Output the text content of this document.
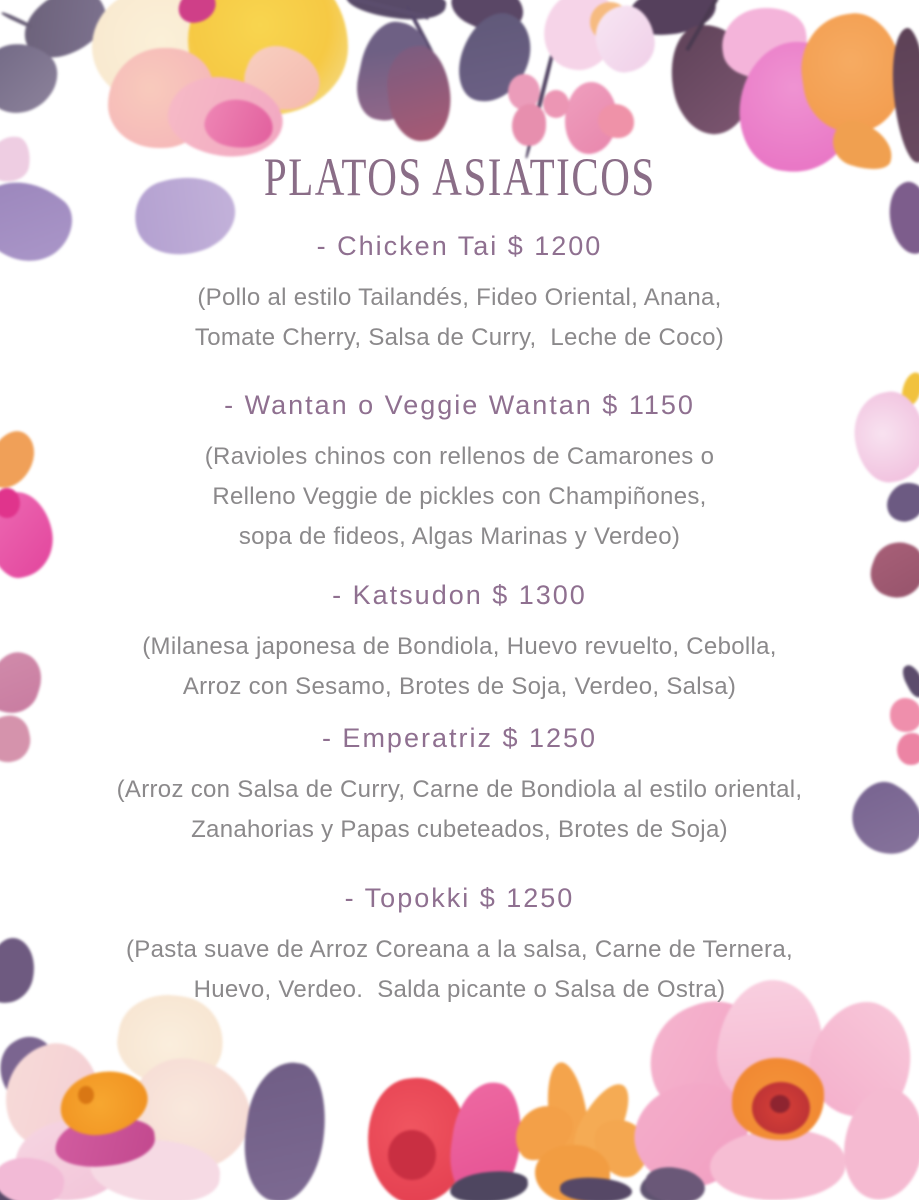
PLATOS ASIATICOS
- Chicken Tai $ 1200
(Pollo al estilo Tailandés, Fideo Oriental, Anana,
Tomate Cherry, Salsa de Curry,  Leche de Coco)
- Wantan o Veggie Wantan $ 1150
(Ravioles chinos con rellenos de Camarones o
Relleno Veggie de pickles con Champiñones,
sopa de fideos, Algas Marinas y Verdeo)
- Katsudon $ 1300
(Milanesa japonesa de Bondiola, Huevo revuelto, Cebolla,
Arroz con Sesamo, Brotes de Soja, Verdeo, Salsa)
- Emperatriz $ 1250
(Arroz con Salsa de Curry, Carne de Bondiola al estilo oriental,
Zanahorias y Papas cubeteados, Brotes de Soja)
- Topokki $ 1250
(Pasta suave de Arroz Coreana a la salsa, Carne de Ternera,
Huevo, Verdeo.  Salda picante o Salsa de Ostra)
